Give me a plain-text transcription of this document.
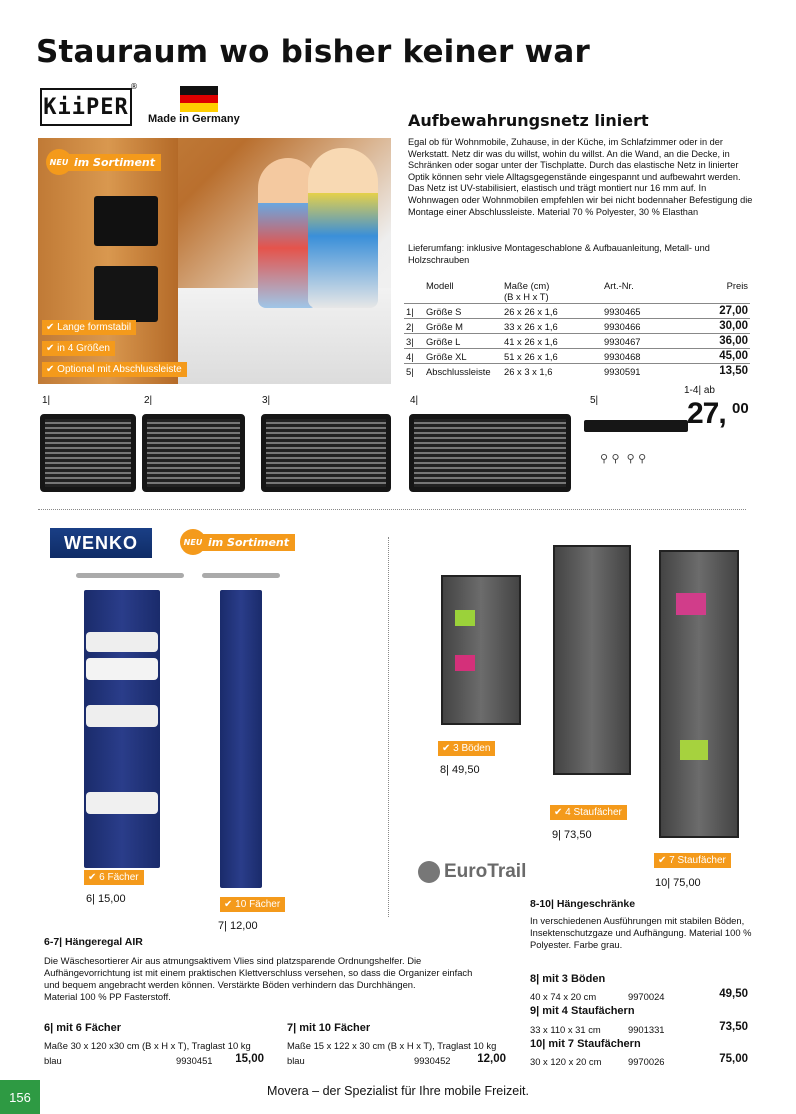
Stauraum wo bisher keiner war
KiiPER
®
Made in Germany
NEU im Sortiment
✔ Lange formstabil
✔ in 4 Größen
✔ Optional mit Abschlussleiste
Aufbewahrungsnetz liniert
Egal ob für Wohnmobile, Zuhause, in der Küche, im Schlafzimmer oder in der Werkstatt. Netz dir was du willst, wohin du willst. An die Wand, an die Decke, in Schränken oder sogar unter der Tischplatte. Durch das elastische Netz in linierter Optik können sehr viele Alltagsgegenstände eingespannt und aufbewahrt werden. Das Netz ist UV-stabilisiert, elastisch und trägt montiert nur 16 mm auf. In Wohnwagen oder Wohnmobilen empfehlen wir bei nicht bodennaher Befestigung die Montage einer Abschlussleiste. Material 70 % Polyester, 30 % Elasthan
Lieferumfang: inklusive Montageschablone & Aufbauanleitung, Metall- und Holzschrauben
	Modell	Maße (cm)
(B x H x T)	Art.-Nr.	Preis
1|	Größe S	26 x 26 x 1,6	9930465	27,00
2|	Größe M	33 x 26 x 1,6	9930466	30,00
3|	Größe L	41 x 26 x 1,6	9930467	36,00
4|	Größe XL	51 x 26 x 1,6	9930468	45,00
5|	Abschlussleiste	26 x 3 x 1,6	9930591	13,50
1|	2|	3|	4|	5|
⚲ ⚲  ⚲ ⚲
1-4| ab
27, 00
WENKO	NEU im Sortiment
✔ 6 Fächer
6| 15,00	✔ 10 Fächer
7| 12,00
6-7| Hängeregal AIR
Die Wäschesortierer Air aus atmungsaktivem Vlies sind platzsparende Ordnungshelfer. Die Aufhängevorrichtung ist mit einem praktischen Klettverschluss versehen, so dass die Organizer einfach und bequem angebracht werden können. Verstärkte Böden verhindern das Durchhängen.
Material 100 % PP Fasterstoff.
6| mit 6 Fächer
Maße 30 x 120 x30 cm (B x H x T), Traglast 10 kg
blau	9930451	15,00
7| mit 10 Fächer
Maße 15 x 122 x 30 cm (B x H x T), Traglast 10 kg
blau	9930452	12,00
✔ 3 Böden
8| 49,50
✔ 4 Staufächer
9| 73,50
✔ 7 Staufächer
10| 75,00
EuroTrail
8-10| Hängeschränke
In verschiedenen Ausführungen mit stabilen Böden, Insektenschutzgaze und Aufhängung. Material 100 % Polyester. Farbe grau.
8| mit 3 Böden
40 x 74 x 20 cm	9970024	49,50
9| mit 4 Staufächern
33 x 110 x 31 cm	9901331	73,50
10| mit 7 Staufächern
30 x 120 x 20 cm	9970026	75,00
Movera – der Spezialist für Ihre mobile Freizeit.
156
